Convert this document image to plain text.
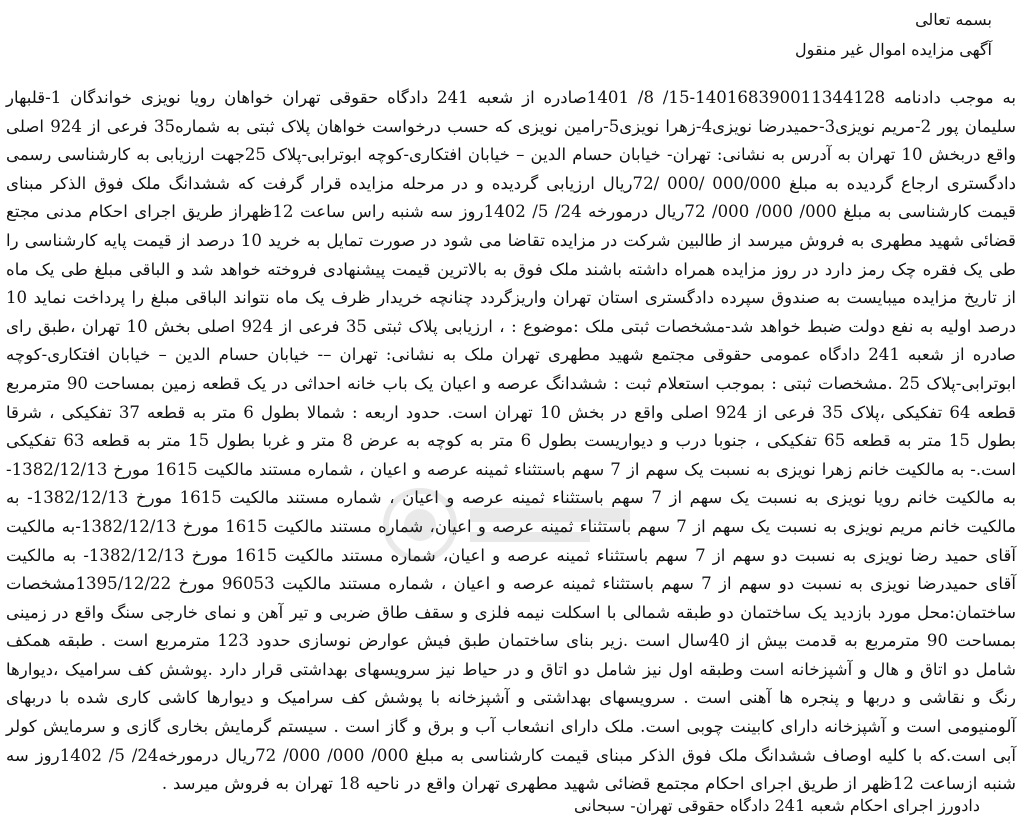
بسمه تعالی
آگهی مزایده اموال غیر منقول
به موجب دادنامه 140168390011344128-15/ 8/ 1401صادره از شعبه 241 دادگاه حقوقی تهران خواهان رویا نویزی خواندگان 1-قلبهار سلیمان پور 2-مریم نویزی3-حمیدرضا نویزی4-زهرا نویزی5-رامین نویزی که حسب درخواست خواهان پلاک ثبتی به شماره35 فرعی از 924 اصلی واقع دربخش 10 تهران به آدرس به نشانی: تهران- خیابان حسام الدین – خیابان افتکاری-کوچه ابوترابی-پلاک 25جهت ارزیابی به کارشناسی رسمی دادگستری ارجاع گردیده به مبلغ 000/000 /000 /72ریال ارزیابی گردیده و در مرحله مزایده قرار گرفت که ششدانگ ملک فوق الذکر مبنای قیمت کارشناسی به مبلغ 000/ 000/ 000/ 72ریال درمورخه 24/ 5/ 1402روز سه شنبه راس ساعت 12ظهراز طریق اجرای احکام مدنی مجتع قضائی شهید مطهری به فروش میرسد از طالبین شرکت در مزایده تقاضا می شود در صورت تمایل به خرید 10 درصد از قیمت پایه کارشناسی را طی یک فقره چک رمز دارد در روز مزایده همراه داشته باشند ملک فوق به بالاترین قیمت پیشنهادی فروخته خواهد شد و الباقی مبلغ طی یک ماه از تاریخ مزایده میبایست به صندوق سپرده دادگستری استان تهران واریزگردد چنانچه خریدار ظرف یک ماه نتواند الباقی مبلغ را پرداخت نماید 10 درصد اولیه به نفع دولت ضبط خواهد شد-مشخصات ثبتی ملک :موضوع : ، ارزیابی پلاک ثبتی 35 فرعی از 924 اصلی بخش 10 تهران ،طبق رای صادره از شعبه 241 دادگاه عمومی حقوقی مجتمع شهید مطهری تهران ملک به نشانی: تهران –- خیابان حسام الدین – خیابان افتکاری-کوچه ابوترابی-پلاک 25 .مشخصات ثبتی : بموجب استعلام ثبت : ششدانگ عرصه و اعیان یک باب خانه احداثی در یک قطعه زمین بمساحت 90 مترمربع قطعه 64 تفکیکی ،پلاک 35 فرعی از 924 اصلی واقع در بخش 10 تهران است. حدود اربعه : شمالا بطول 6 متر به قطعه 37 تفکیکی ، شرقا بطول 15 متر به قطعه 65 تفکیکی ، جنوبا درب و دیواریست بطول 6 متر به کوچه به عرض 8 متر و غربا بطول 15 متر به قطعه 63 تفکیکی است.- به مالکیت خانم زهرا نویزی به نسبت یک سهم از 7 سهم باستثناء ثمینه عرصه و اعیان ، شماره مستند مالکیت 1615 مورخ 1382/12/13- به مالکیت خانم رویا نویزی به نسبت یک سهم از 7 سهم باستثناء ثمینه عرصه و اعیان ، شماره مستند مالکیت 1615 مورخ 1382/12/13- به مالکیت خانم مریم نویزی به نسبت یک سهم از 7 سهم باستثناء ثمینه عرصه و اعیان، شماره مستند مالکیت 1615 مورخ 1382/12/13-به مالکیت آقای حمید رضا نویزی به نسبت دو سهم از 7 سهم باستثناء ثمینه عرصه و اعیان، شماره مستند مالکیت 1615 مورخ 1382/12/13- به مالکیت آقای حمیدرضا نویزی به نسبت دو سهم از 7 سهم باستثناء ثمینه عرصه و اعیان ، شماره مستند مالکیت 96053 مورخ 1395/12/22مشخصات ساختمان:محل مورد بازدید یک ساختمان دو طبقه شمالی با اسکلت نیمه فلزی و سقف طاق ضربی و تیر آهن و نمای خارجی سنگ واقع در زمینی بمساحت 90 مترمربع به قدمت بیش از 40سال است .زیر بنای ساختمان طبق فیش عوارض نوسازی حدود 123 مترمربع است . طبقه همکف شامل دو اتاق و هال و آشپزخانه است وطبقه اول نیز شامل دو اتاق و در حیاط نیز سرویسهای بهداشتی قرار دارد .پوشش کف سرامیک ،دیوارها رنگ و نقاشی و دربها و پنجره ها آهنی است . سرویسهای بهداشتی و آشپزخانه با پوشش کف سرامیک و دیوارها کاشی کاری شده با دربهای آلومنیومی است و آشپزخانه دارای کابینت چوبی است. ملک دارای انشعاب آب و برق و گاز است . سیستم گرمایش بخاری گازی و سرمایش کولر آبی است.که با کلیه اوصاف ششدانگ ملک فوق الذکر مبنای قیمت کارشناسی به مبلغ 000/ 000/ 000/ 72ریال درمورخه24/ 5/ 1402روز سه شنبه ازساعت 12ظهر از طریق اجرای احکام مجتمع قضائی شهید مطهری تهران واقع در ناحیه 18 تهران به فروش میرسد .
دادورز اجرای احکام شعبه 241 دادگاه حقوقی تهران- سبحانی
